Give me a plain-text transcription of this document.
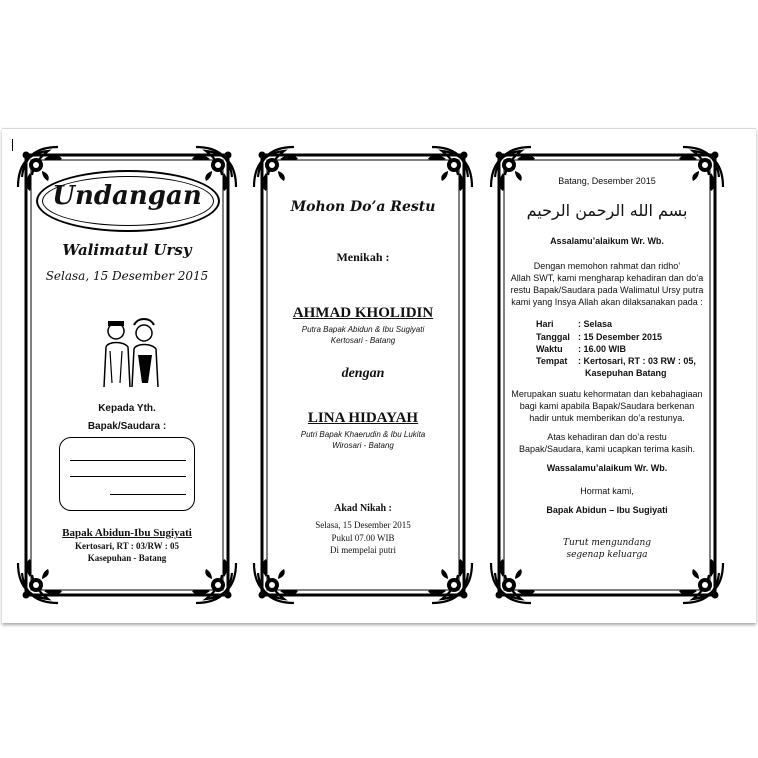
Undangan
Walimatul Ursy
Selasa, 15 Desember 2015
Kepada Yth.
Bapak/Saudara :
Bapak Abidun-Ibu Sugiyati
Kertosari, RT : 03/RW : 05
Kasepuhan - Batang
Mohon Do’a Restu
Menikah :
AHMAD KHOLIDIN
Putra Bapak Abidun & Ibu Sugiyati
Kertosari - Batang
dengan
LINA HIDAYAH
Putri Bapak Khaerudin & Ibu Lukita
Wirosari - Batang
Akad Nikah :
Selasa, 15 Desember 2015
Pukul 07.00 WIB
Di mempelai putri
Batang, Desember 2015
بسم الله الرحمن الرحيم
Assalamu’alaikum Wr. Wb.
Dengan memohon rahmat dan ridho’
Allah SWT, kami mengharap kehadiran dan do’a
restu Bapak/Saudara pada Walimatul Ursy putra
kami yang Insya Allah akan dilaksanakan pada :
Hari	: Selasa
Tanggal : 15 Desember 2015
Waktu : 16.00 WIB
Tempat : Kertosari, RT : 03 RW : 05,
Kasepuhan Batang
Merupakan suatu kehormatan dan kebahagiaan
bagi kami apabila Bapak/Saudara berkenan
hadir untuk memberikan do’a restunya.
Atas kehadiran dan do’a restu
Bapak/Saudara, kami ucapkan terima kasih.
Wassalamu’alaikum Wr. Wb.
Hormat kami,
Bapak Abidun – Ibu Sugiyati
Turut mengundang
segenap keluarga
